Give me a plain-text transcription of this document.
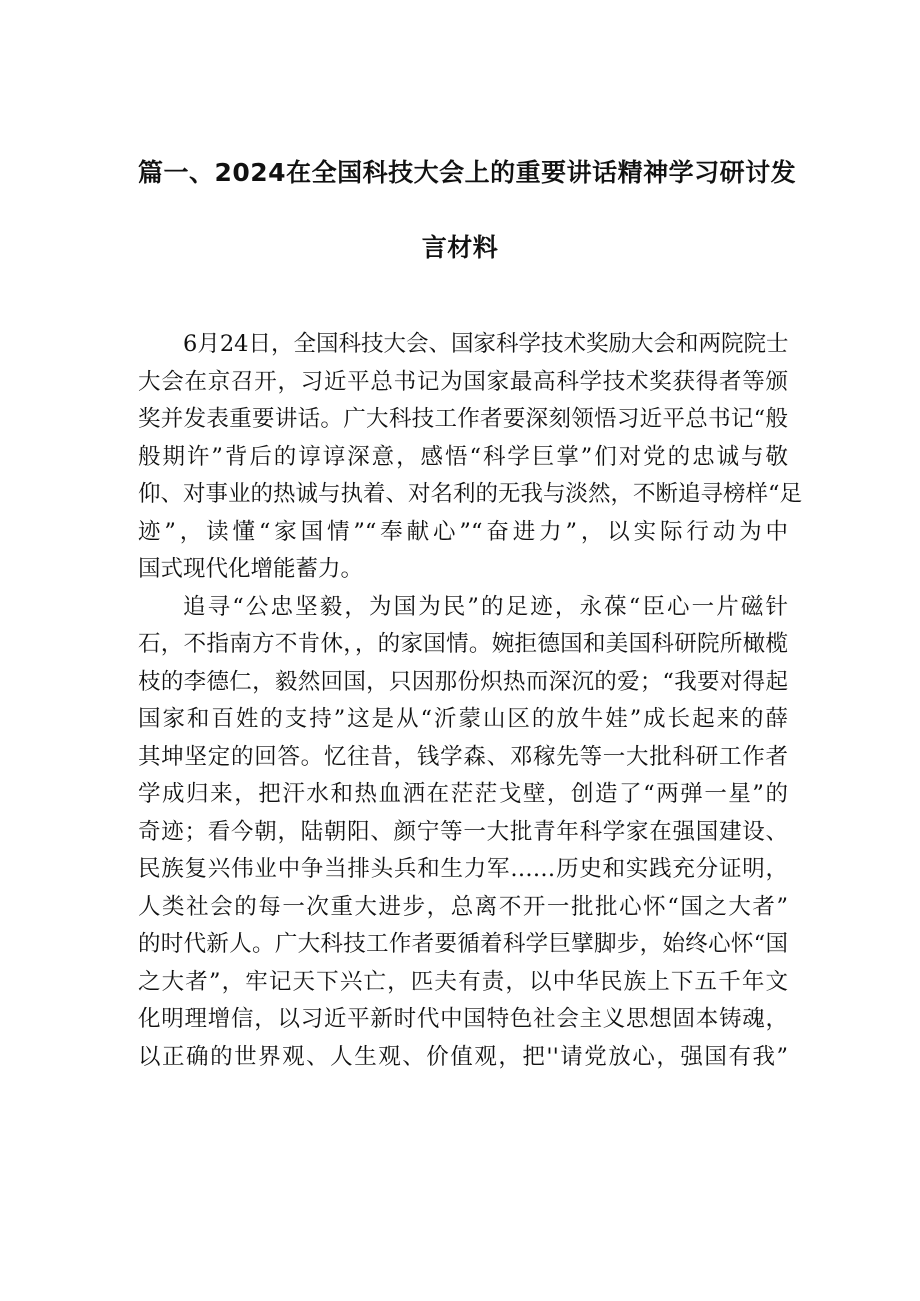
篇一、2024在全国科技大会上的重要讲话精神学习研讨发
言材料
6月24日，全国科技大会、国家科学技术奖励大会和两院院士
大会在京召开，习近平总书记为国家最高科学技术奖获得者等颁
奖并发表重要讲话。广大科技工作者要深刻领悟习近平总书记“般
般期许”背后的谆谆深意，感悟“科学巨掌”们对党的忠诚与敬
仰、对事业的热诚与执着、对名利的无我与淡然，不断追寻榜样“足
迹”，读懂“家国情”“奉献心”“奋进力”，以实际行动为中
国式现代化增能蓄力。
追寻“公忠坚毅，为国为民”的足迹，永葆“臣心一片磁针
石，不指南方不肯休，，的家国情。婉拒德国和美国科研院所橄榄
枝的李德仁，毅然回国，只因那份炽热而深沉的爱；“我要对得起
国家和百姓的支持”这是从“沂蒙山区的放牛娃”成长起来的薛
其坤坚定的回答。忆往昔，钱学森、邓稼先等一大批科研工作者
学成归来，把汗水和热血洒在茫茫戈壁，创造了“两弹一星”的
奇迹；看今朝，陆朝阳、颜宁等一大批青年科学家在强国建设、
民族复兴伟业中争当排头兵和生力军……历史和实践充分证明，
人类社会的每一次重大进步，总离不开一批批心怀“国之大者”
的时代新人。广大科技工作者要循着科学巨擘脚步，始终心怀“国
之大者”，牢记天下兴亡，匹夫有责，以中华民族上下五千年文
化明理增信，以习近平新时代中国特色社会主义思想固本铸魂，
以正确的世界观、人生观、价值观，把''请党放心，强国有我”
